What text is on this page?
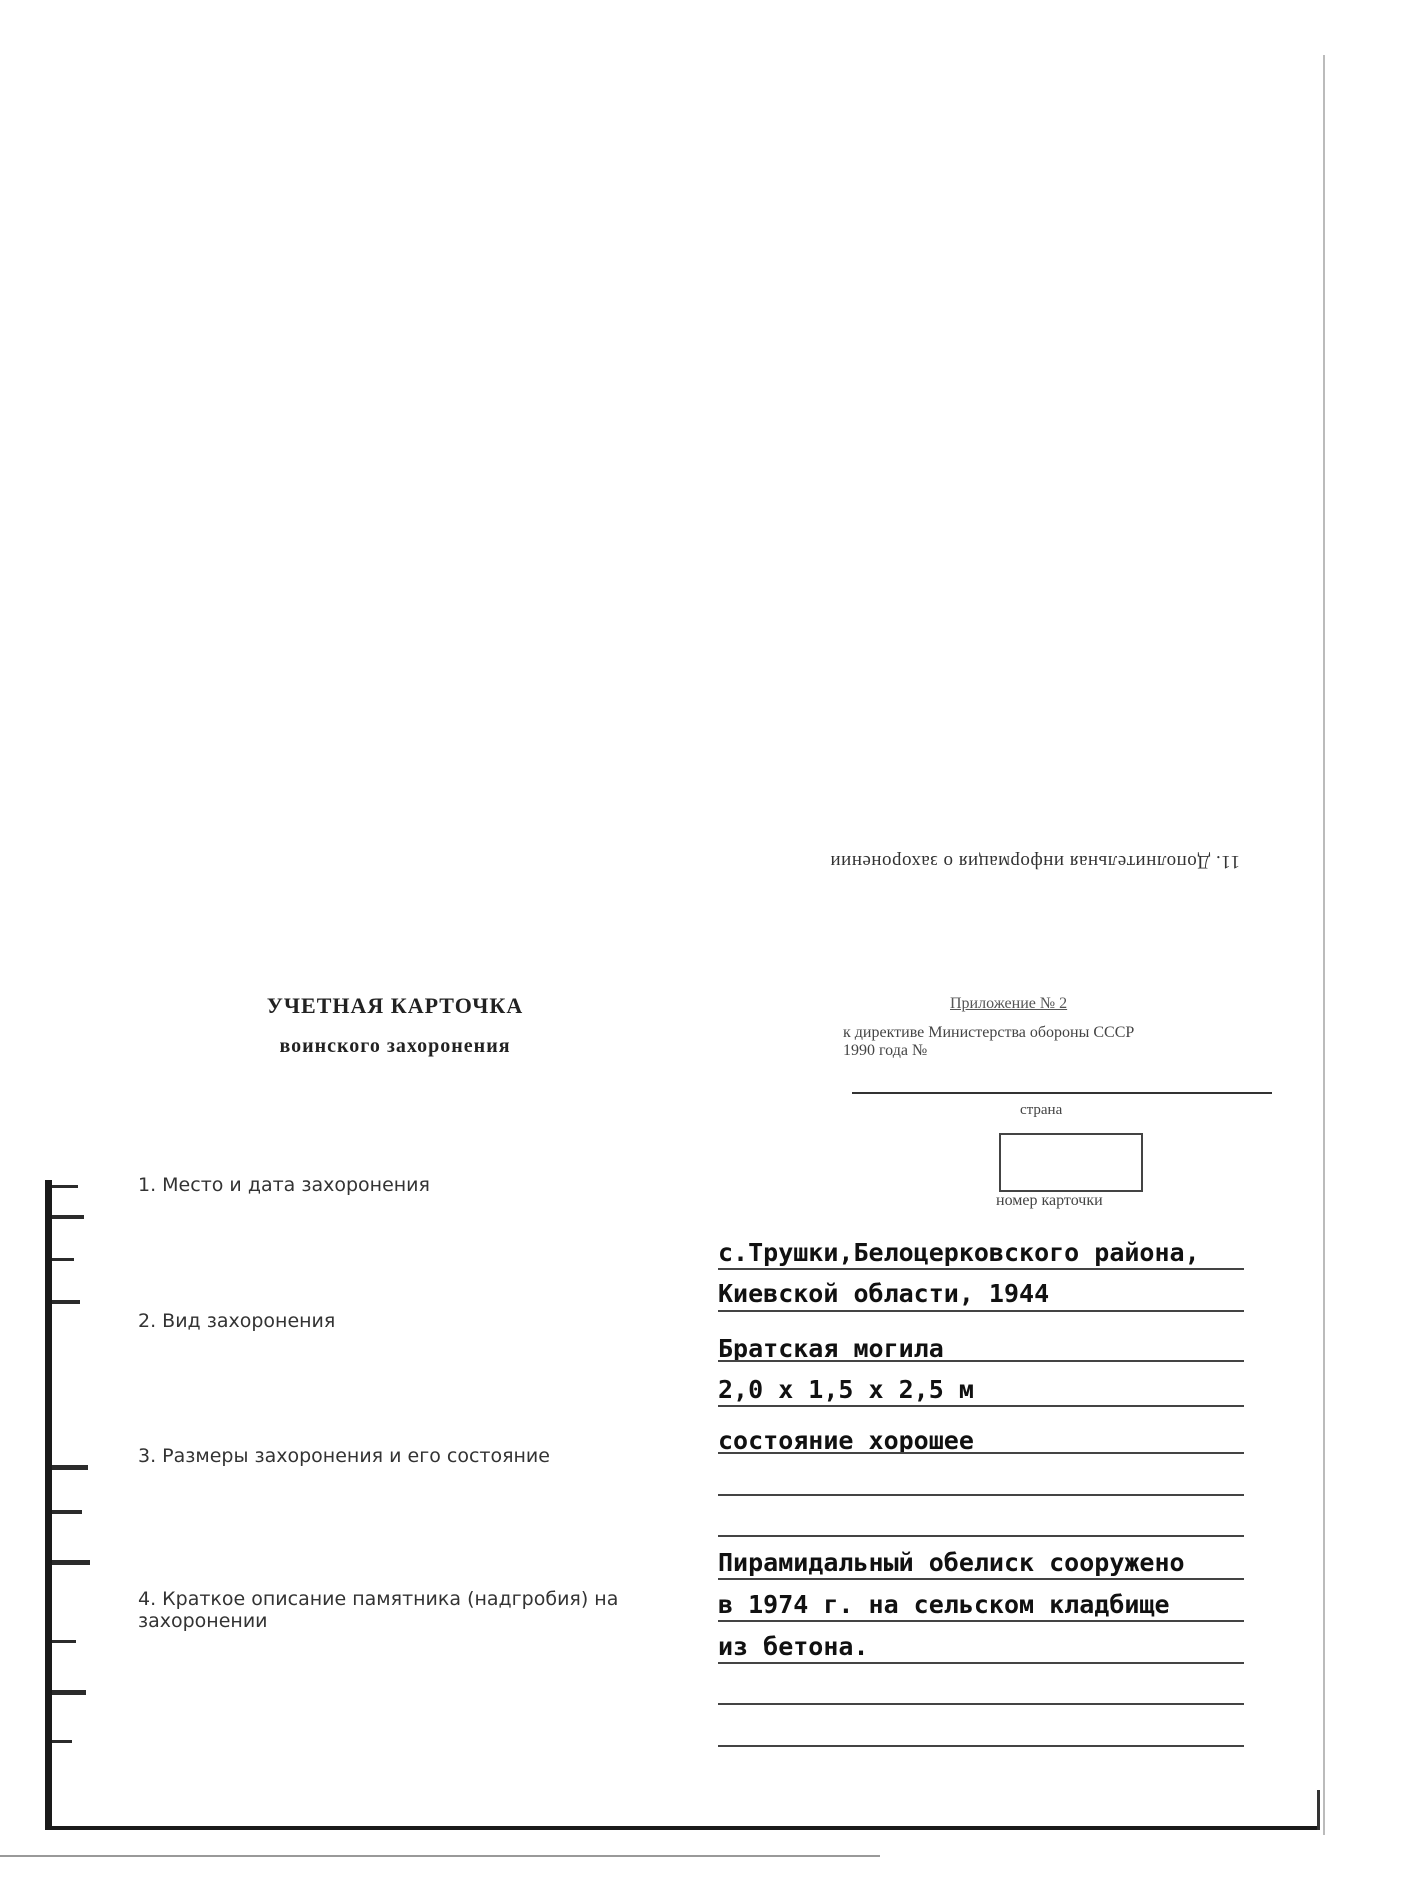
11. Дополнительная информация о захоронении
УЧЕТНАЯ КАРТОЧКА
воинского захоронения
Приложение № 2
к директиве Министерства обороны СССР
1990 года №
страна
номер карточки
1. Место и дата захоронения
2. Вид захоронения
3. Размеры захоронения и его состояние
4. Краткое описание памятника (надгробия) на захоронении
с.Трушки,Белоцерковского района,
Киевской области, 1944
Братская могила
2,0 х 1,5 х 2,5 м
состояние хорошее
Пирамидальный обелиск сооружено
в 1974 г. на сельском кладбище
из бетона.
